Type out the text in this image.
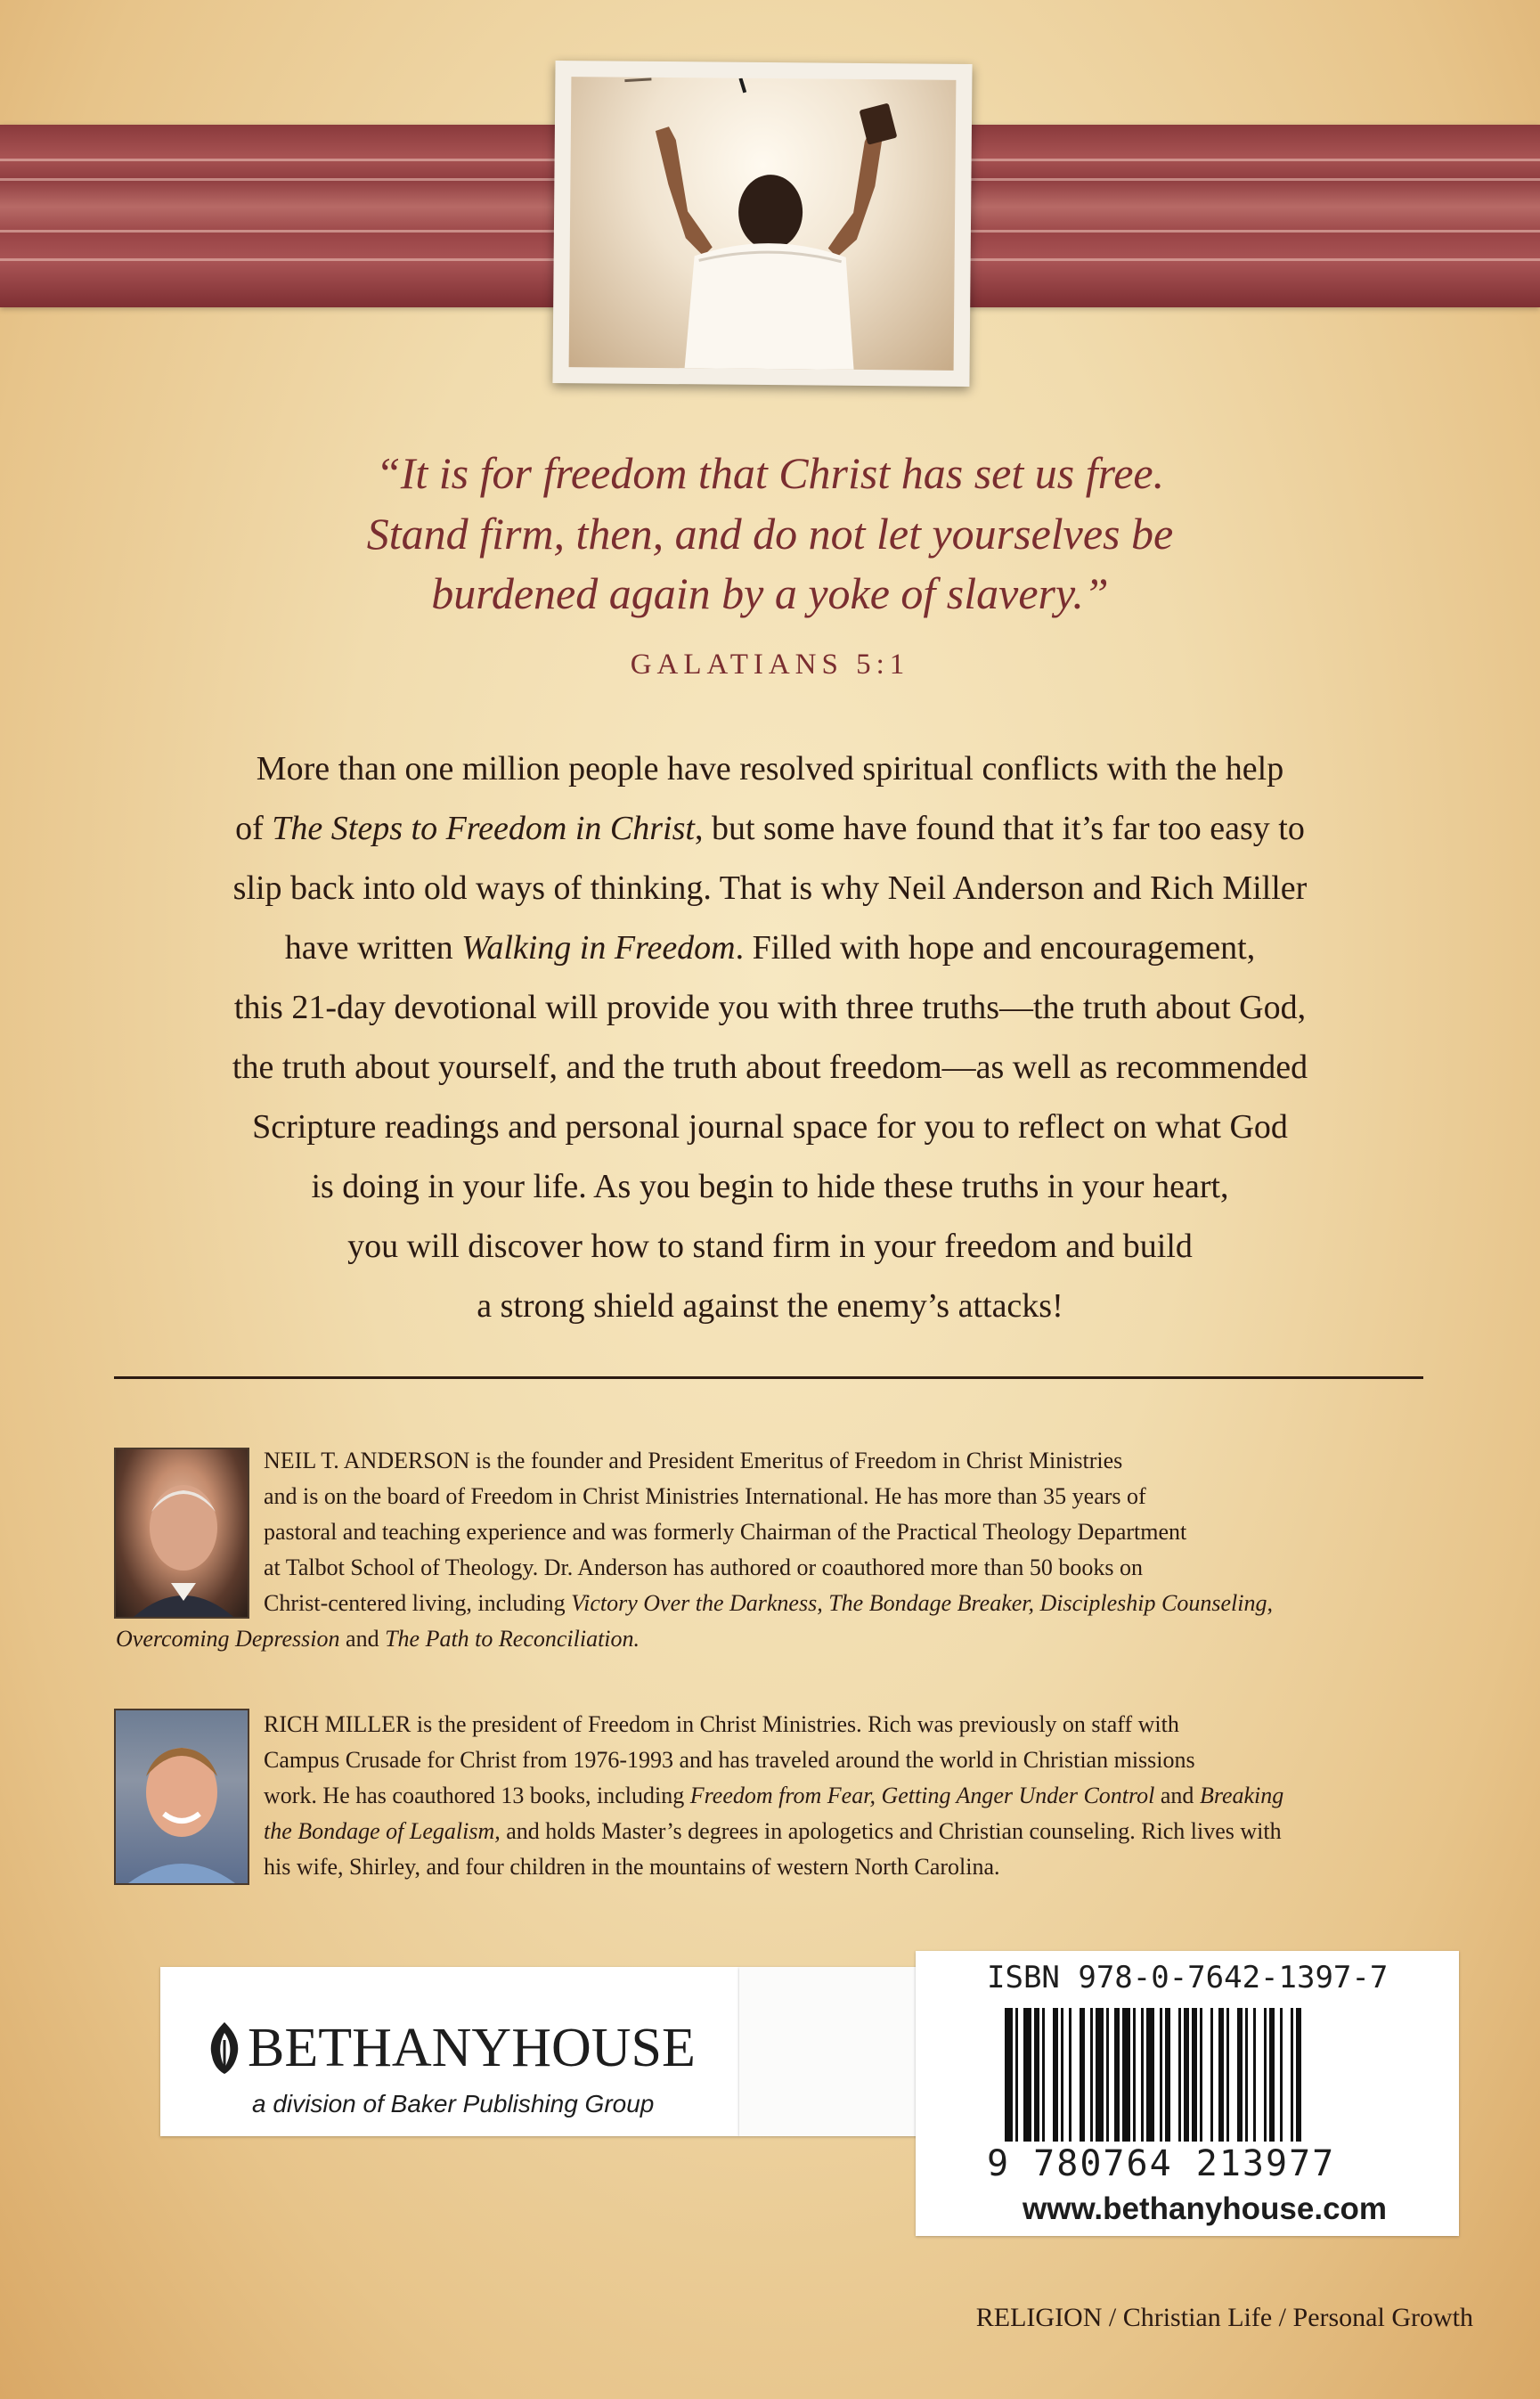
“It is for freedom that Christ has set us free.
Stand firm, then, and do not let yourselves be
burdened again by a yoke of slavery.”
GALATIANS 5:1
More than one million people have resolved spiritual conflicts with the help
of The Steps to Freedom in Christ, but some have found that it’s far too easy to
slip back into old ways of thinking. That is why Neil Anderson and Rich Miller
have written Walking in Freedom. Filled with hope and encouragement,
this 21-day devotional will provide you with three truths—the truth about God,
the truth about yourself, and the truth about freedom—as well as recommended
Scripture readings and personal journal space for you to reflect on what God
is doing in your life. As you begin to hide these truths in your heart,
you will discover how to stand firm in your freedom and build
a strong shield against the enemy’s attacks!
NEIL T. ANDERSON is the founder and President Emeritus of Freedom in Christ Ministries
and is on the board of Freedom in Christ Ministries International. He has more than 35 years of
pastoral and teaching experience and was formerly Chairman of the Practical Theology Department
at Talbot School of Theology. Dr. Anderson has authored or coauthored more than 50 books on
Christ-centered living, including Victory Over the Darkness, The Bondage Breaker, Discipleship Counseling,
Overcoming Depression and The Path to Reconciliation.
RICH MILLER is the president of Freedom in Christ Ministries. Rich was previously on staff with
Campus Crusade for Christ from 1976-1993 and has traveled around the world in Christian missions
work. He has coauthored 13 books, including Freedom from Fear, Getting Anger Under Control and Breaking
the Bondage of Legalism, and holds Master’s degrees in apologetics and Christian counseling. Rich lives with
his wife, Shirley, and four children in the mountains of western North Carolina.
BETHANYHOUSE
a division of Baker Publishing Group
ISBN 978-0-7642-1397-7
9 780764 213977
www.bethanyhouse.com
RELIGION / Christian Life / Personal Growth
